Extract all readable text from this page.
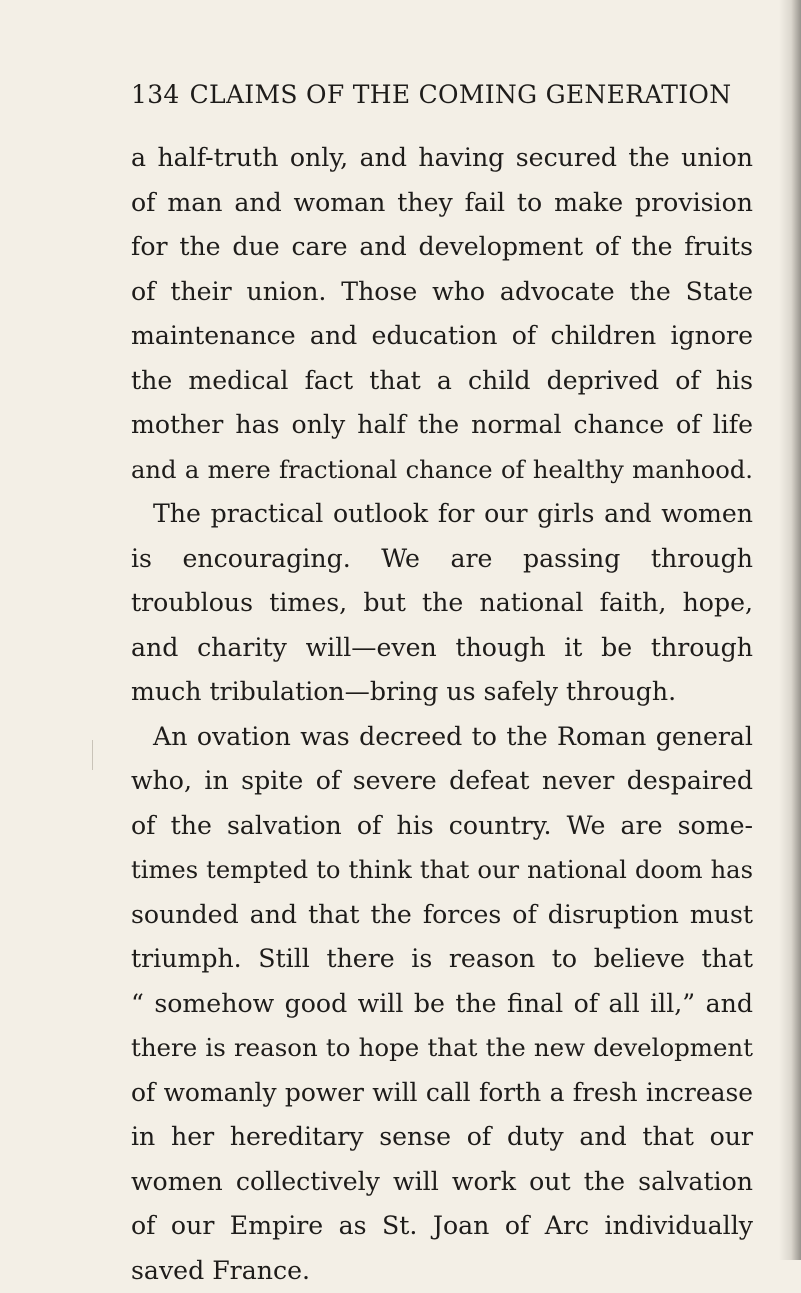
134 CLAIMS OF THE COMING GENERATION
a half-truth only, and having secured the union
of man and woman they fail to make provision
for the due care and development of the fruits
of their union. Those who advocate the State
maintenance and education of children ignore
the medical fact that a child deprived of his
mother has only half the normal chance of life
and a mere fractional chance of healthy manhood.
The practical outlook for our girls and women
is encouraging. We are passing through
troublous times, but the national faith, hope,
and charity will—even though it be through
much tribulation—bring us safely through.
An ovation was decreed to the Roman general
who, in spite of severe defeat never despaired
of the salvation of his country. We are some-
times tempted to think that our national doom has
sounded and that the forces of disruption must
triumph. Still there is reason to believe that
“ somehow good will be the final of all ill,” and
there is reason to hope that the new development
of womanly power will call forth a fresh increase
in her hereditary sense of duty and that our
women collectively will work out the salvation
of our Empire as St. Joan of Arc individually
saved France.
